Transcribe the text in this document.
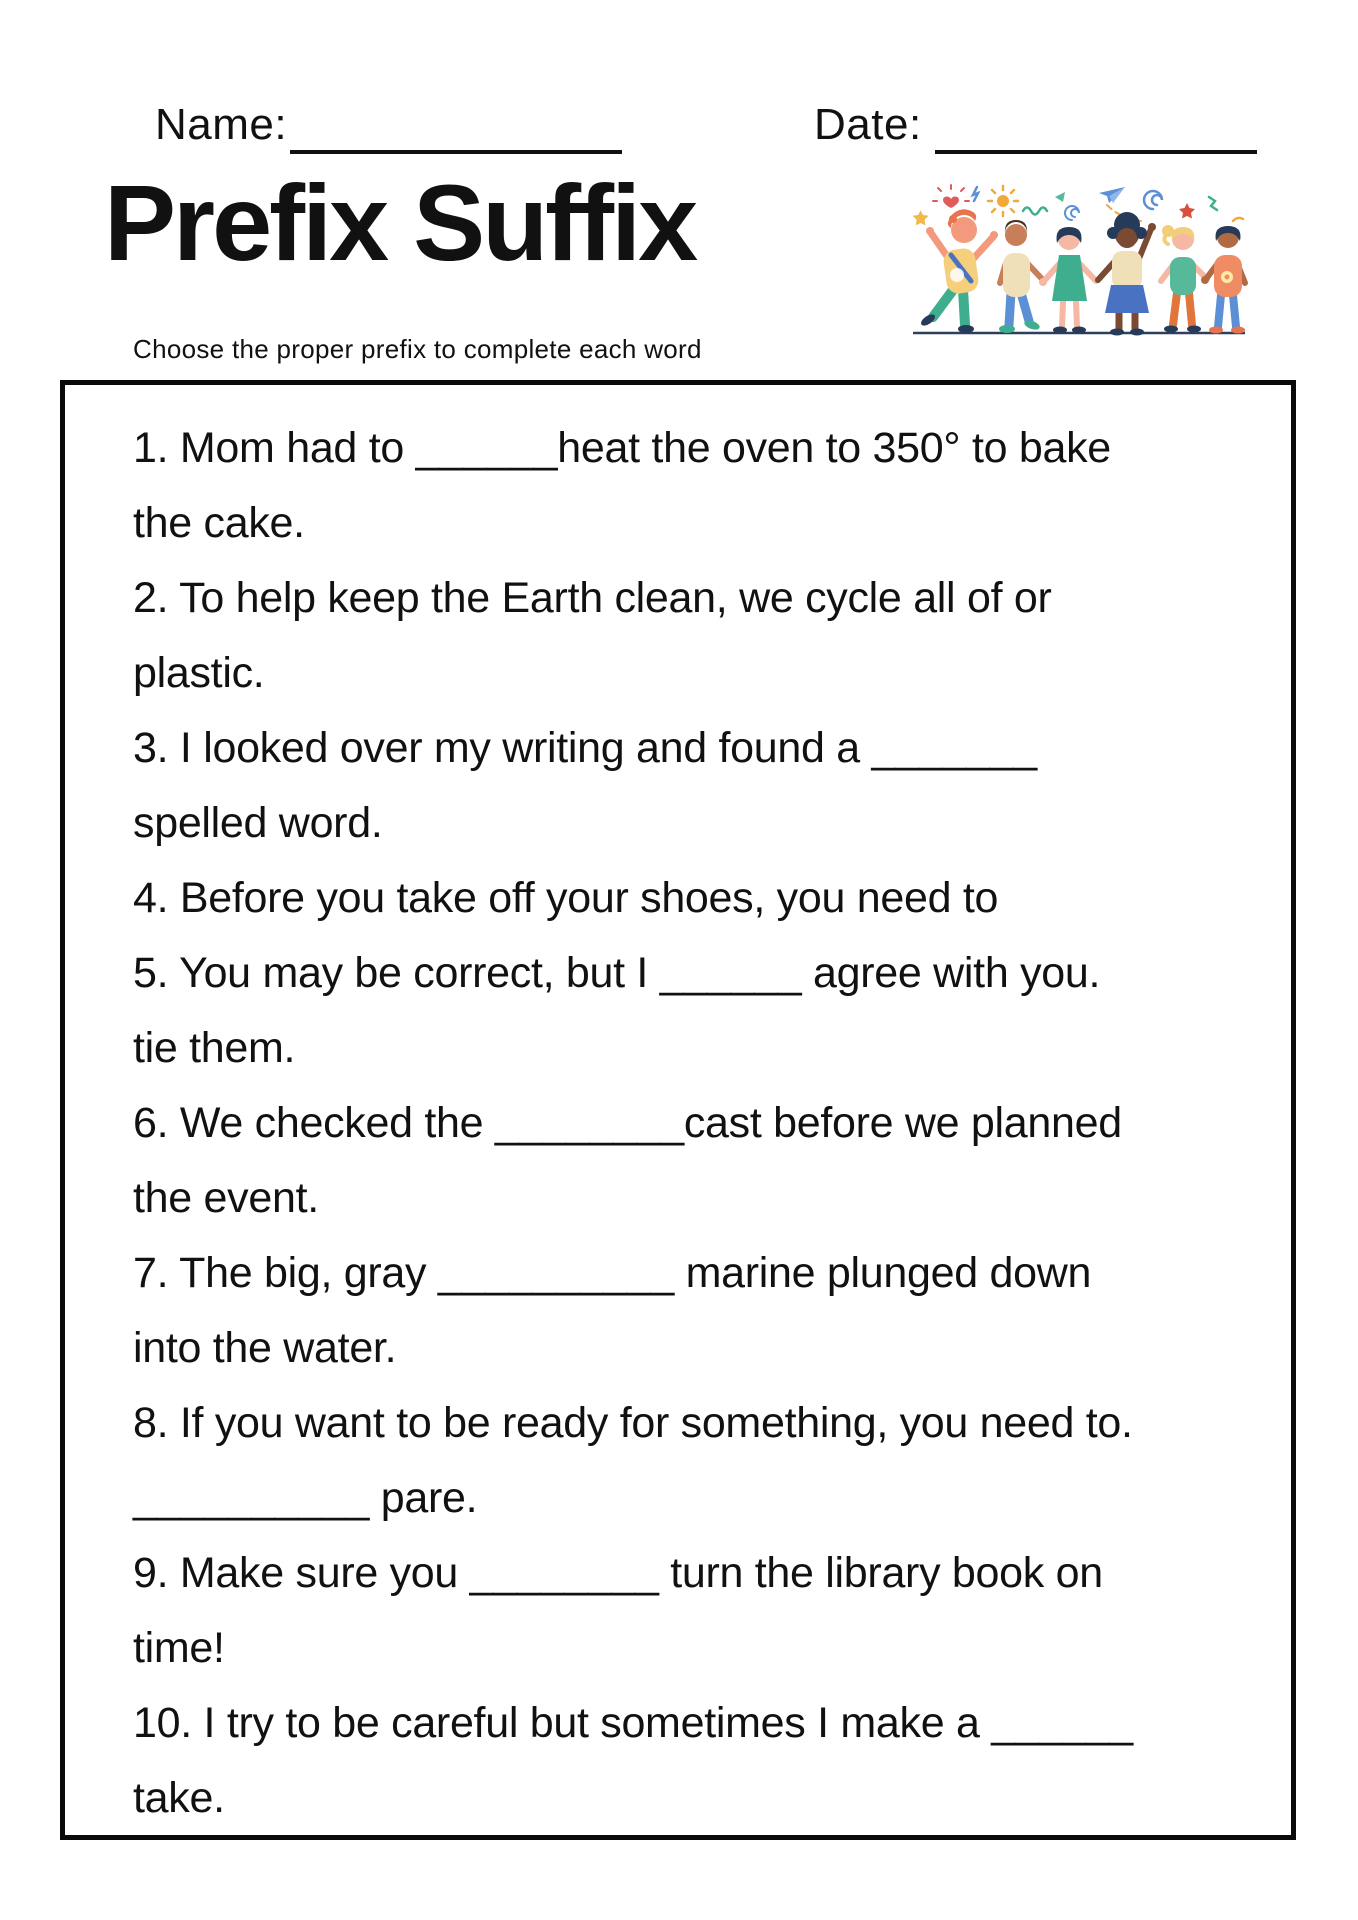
Name:	Date:
Prefix Suffix
Choose the proper prefix to complete each word
1. Mom had to ______heat the oven to 350° to bake
the cake.
2. To help keep the Earth clean, we cycle all of or
plastic.
3. I looked over my writing and found a _______
spelled word.
4. Before you take off your shoes, you need to
5. You may be correct, but I ______ agree with you.
tie them.
6. We checked the ________cast before we planned
the event.
7. The big, gray __________ marine plunged down
into the water.
8. If you want to be ready for something, you need to.
__________ pare.
9. Make sure you ________ turn the library book on
time!
10. I try to be careful but sometimes I make a ______
take.
